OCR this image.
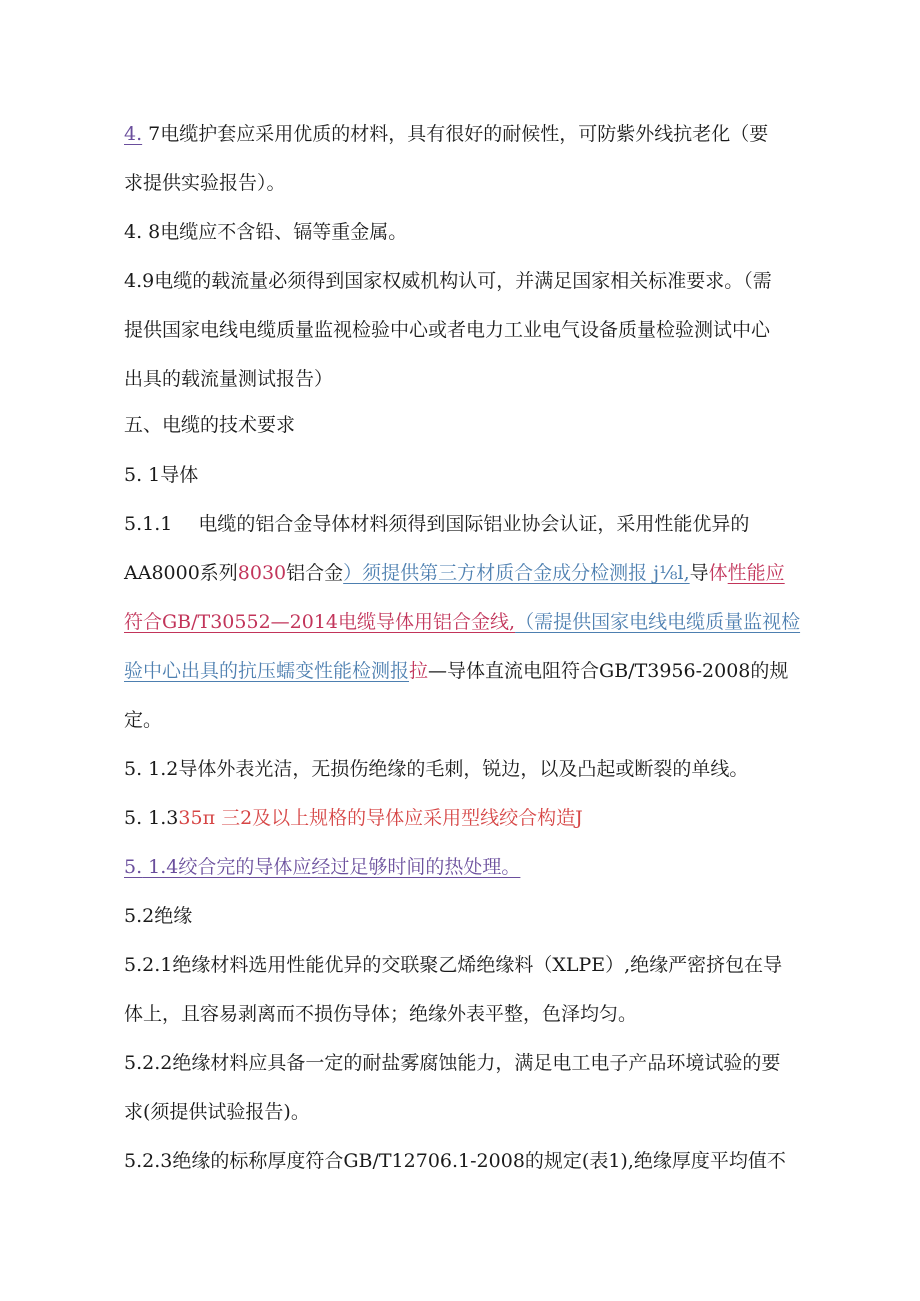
4. 7电缆护套应采用优质的材料，具有很好的耐候性，可防紫外线抗老化（要
求提供实验报告）。
4. 8电缆应不含铅、镉等重金属。
4.9电缆的载流量必须得到国家权威机构认可，并满足国家相关标准要求。（需
提供国家电线电缆质量监视检验中心或者电力工业电气设备质量检验测试中心
出具的载流量测试报告）
五、电缆的技术要求
5. 1导体
5.1.1 电缆的铝合金导体材料须得到国际铝业协会认证，采用性能优异的
AA8000系列8030铝合金）须提供第三方材质合金成分检测报 j⅛l,导体性能应
符合GB/T30552—2014电缆导体用铝合金线,（需提供国家电线电缆质量监视检
验中心出具的抗压蠕变性能检测报拉—导体直流电阻符合GB/T3956-2008的规
定。
5. 1.2导体外表光洁，无损伤绝缘的毛刺，锐边，以及凸起或断裂的单线。
5. 1.335π 三2及以上规格的导体应采用型线绞合构造J
5. 1.4绞合完的导体应经过足够时间的热处理。
5.2绝缘
5.2.1绝缘材料选用性能优异的交联聚乙烯绝缘料（XLPE）,绝缘严密挤包在导
体上，且容易剥离而不损伤导体；绝缘外表平整，色泽均匀。
5.2.2绝缘材料应具备一定的耐盐雾腐蚀能力，满足电工电子产品环境试验的要
求(须提供试验报告)。
5.2.3绝缘的标称厚度符合GB/T12706.1-2008的规定(表1),绝缘厚度平均值不
